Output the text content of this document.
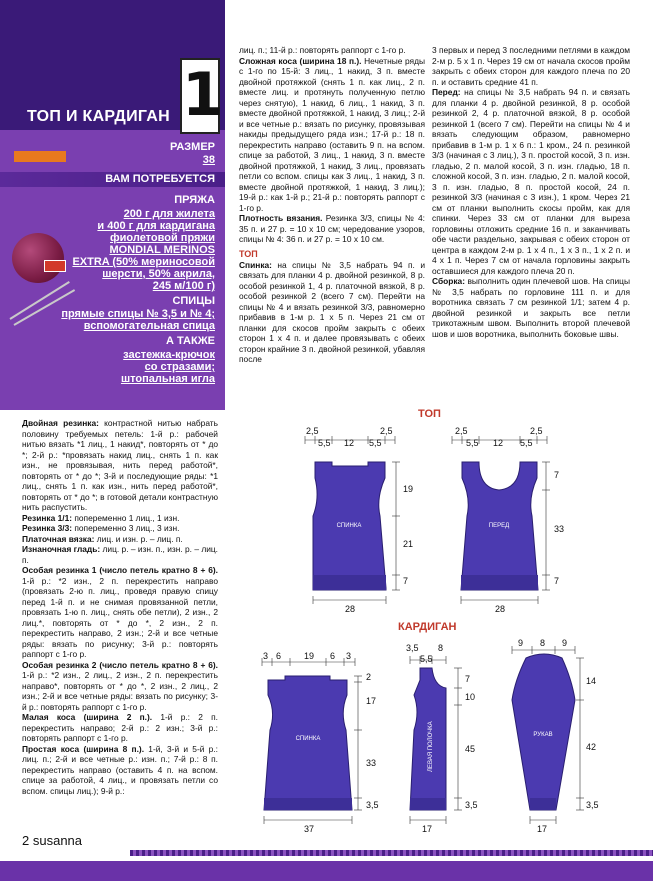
1
ТОП И КАРДИГАН
РАЗМЕР
38
ВАМ ПОТРЕБУЕТСЯ
ПРЯЖА
200 г для жилета
и 400 г для кардигана
фиолетовой пряжи
MONDIAL MERINOS
EXTRA (50% мериносовой
шерсти, 50% акрила,
245 м/100 г)
СПИЦЫ
прямые спицы № 3,5 и № 4;
вспомогательная спица
А ТАКЖЕ
застежка-крючок
со стразами;
штопальная игла

Двойная резинка: контрастной нитью набрать половину требуемых петель: 1-й р.: рабочей нитью вязать *1 лиц., 1 накид*, повторять от * до *; 2-й р.: *провязать накид лиц., снять 1 п. как изн., не провязывая, нить перед работой*, повторять от * до *; 3-й и последующие ряды: *1 лиц., снять 1 п. как изн., нить перед работой*, повторять от * до *; в готовой детали контрастную нить распустить.

Резинка 1/1: попеременно 1 лиц., 1 изн.

Резинка 3/3: попеременно 3 лиц., 3 изн.

Платочная вязка: лиц. и изн. р. – лиц. п.

Изнаночная гладь: лиц. р. – изн. п., изн. р. – лиц. п.

Особая резинка 1 (число петель кратно 8 + 6). 1-й р.: *2 изн., 2 п. перекрестить направо (провязать 2-ю п. лиц., проведя правую спицу перед 1-й п. и не снимая провязанной петли, провязать 1-ю п. лиц., снять обе петли), 2 изн., 2 лиц.*, повторять от * до *, 2 изн., 2 п. перекрестить направо, 2 изн.; 2-й и все четные ряды: вязать по рисунку; 3-й р.: повторять раппорт с 1-го р.

Особая резинка 2 (число петель кратно 8 + 6). 1-й р.: *2 изн., 2 лиц., 2 изн., 2 п. перекрестить направо*, повторять от * до *, 2 изн., 2 лиц., 2 изн.; 2-й и все четные ряды: вязать по рисунку; 3-й р.: повторять раппорт с 1-го р.

Малая коса (ширина 2 п.). 1-й р.: 2 п. перекрестить направо; 2-й р.: 2 изн.; 3-й р.: повторять раппорт с 1-го р.

Простая коса (ширина 8 п.). 1-й, 3-й и 5-й р.: лиц. п.; 2-й и все четные р.: изн. п.; 7-й р.: 8 п. перекрестить направо (оставить 4 п. на вспом. спице за работой, 4 лиц., и провязать петли со вспом. спицы лиц.); 9-й р.:

лиц. п.; 11-й р.: повторять раппорт с 1-го р.

Сложная коса (ширина 18 п.). Нечетные ряды с 1-го по 15-й: 3 лиц., 1 накид, 3 п. вместе двойной протяжкой (снять 1 п. как лиц., 2 п. вместе лиц. и протянуть полученную петлю через снятую), 1 накид, 6 лиц., 1 накид, 3 п. вместе двойной протяжкой, 1 накид, 3 лиц.; 2-й и все четные р.: вязать по рисунку, провязывая накиды предыдущего ряда изн.; 17-й р.: 18 п. перекрестить направо (оставить 9 п. на вспом. спице за работой, 3 лиц., 1 накид, 3 п. вместе двойной протяжкой, 1 накид, 3 лиц., провязать петли со вспом. спицы как 3 лиц., 1 накид, 3 п. вместе двойной протяжкой, 1 накид, 3 лиц.); 19-й р.: как 1-й р.; 21-й р.: повторять раппорт с 1-го р.

Плотность вязания. Резинка 3/3, спицы № 4: 35 п. и 27 р. = 10 х 10 см; чередование узоров, спицы № 4: 36 п. и 27 р. = 10 х 10 см.

ТОП

Спинка: на спицы № 3,5 набрать 94 п. и связать для планки 4 р. двойной резинкой, 8 р. особой резинкой 1, 4 р. платочной вязкой, 8 р. особой резинкой 2 (всего 7 см). Перейти на спицы № 4 и вязать резинкой 3/3, равномерно прибавив в 1-м р. 1 х 5 п. Через 21 см от планки для скосов пройм закрыть с обеих сторон 1 х 4 п. и далее провязывать с обеих сторон крайние 3 п. двойной резинкой, убавляя после

3 первых и перед 3 последними петлями в каждом 2-м р. 5 х 1 п. Через 19 см от начала скосов пройм закрыть с обеих сторон для каждого плеча по 20 п. и оставить средние 41 п.

Перед: на спицы № 3,5 набрать 94 п. и связать для планки 4 р. двойной резинкой, 8 р. особой резинкой 2, 4 р. платочной вязкой, 8 р. особой резинкой 1 (всего 7 см). Перейти на спицы № 4 и вязать следующим образом, равномерно прибавив в 1-м р. 1 х 6 п.: 1 кром., 24 п. резинкой 3/3 (начиная с 3 лиц.), 3 п. простой косой, 3 п. изн. гладью, 2 п. малой косой, 3 п. изн. гладью, 18 п. сложной косой, 3 п. изн. гладью, 2 п. малой косой, 3 п. изн. гладью, 8 п. простой косой, 24 п. резинкой 3/3 (начиная с 3 изн.), 1 кром. Через 21 см от планки выполнить скосы пройм, как для спинки. Через 33 см от планки для выреза горловины отложить средние 16 п. и заканчивать обе части раздельно, закрывая с обеих сторон от центра в каждом 2-м р. 1 х 4 п., 1 х 3 п., 1 х 2 п. и 4 х 1 п. Через 7 см от начала горловины закрыть оставшиеся для каждого плеча 20 п.

Сборка: выполнить один плечевой шов. На спицы № 3,5 набрать по горловине 111 п. и для воротника связать 7 см резинкой 1/1; затем 4 р. двойной резинкой и закрыть все петли трикотажным швом. Выполнить второй плечевой шов и шов воротника, выполнить боковые швы.

ТОП
КАРДИГАН
СПИНКА
2,5
5,5 12 5,5
2,5
19
21
7
28
ПЕРЕД
2,5
5,5 12 5,5
2,5
7
33
7
28
СПИНКА
3 6	19 6 3
2
17
33
3,5
37
ЛЕВАЯ ПОЛОЧКА
3,5
5,5
8
7
10
45
3,5
17
РУКАВ
9 8 9
14
42
3,5
17
2 susanna
